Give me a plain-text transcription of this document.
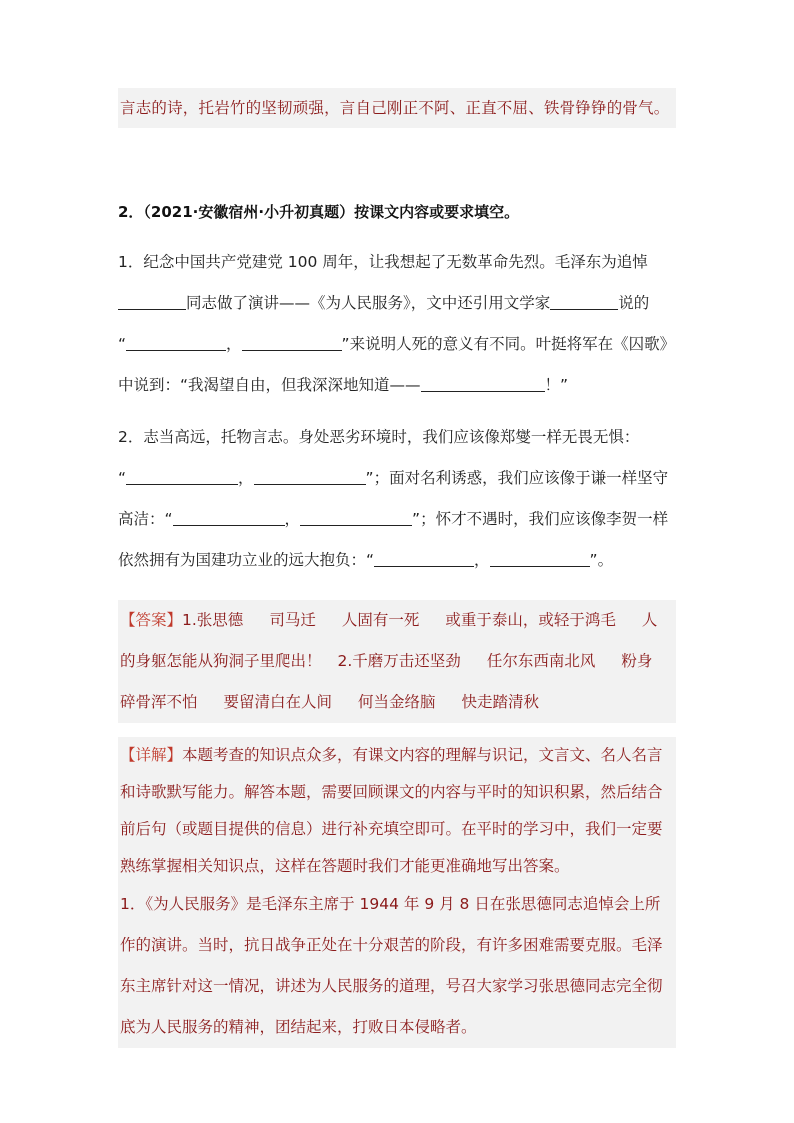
言志的诗，托岩竹的坚韧顽强，言自己刚正不阿、正直不屈、铁骨铮铮的骨气。
2．（2021·安徽宿州·小升初真题）按课文内容或要求填空。
1．纪念中国共产党建党 100 周年，让我想起了无数革命先烈。毛泽东为追悼
同志做了演讲——《为人民服务》，文中还引用文学家	说的
“	，	”来说明人死的意义有不同。叶挺将军在《囚歌》
中说到：“我渴望自由，但我深深地知道——	！”
2．志当高远，托物言志。身处恶劣环境时，我们应该像郑燮一样无畏无惧：
“	，	”；面对名利诱惑，我们应该像于谦一样坚守
高洁：“	，	”；怀才不遇时，我们应该像李贺一样
依然拥有为国建功立业的远大抱负：“	，	”。
【答案】1.张思德 司马迁 人固有一死 或重于泰山，或轻于鸿毛 人
的身躯怎能从狗洞子里爬出！ 2.千磨万击还坚劲 任尔东西南北风 粉身
碎骨浑不怕 要留清白在人间 何当金络脑 快走踏清秋
【详解】本题考查的知识点众多，有课文内容的理解与识记，文言文、名人名言和诗歌默写能力。解答本题，需要回顾课文的内容与平时的知识积累，然后结合前后句（或题目提供的信息）进行补充填空即可。在平时的学习中，我们一定要熟练掌握相关知识点，这样在答题时我们才能更准确地写出答案。
1．《为人民服务》是毛泽东主席于 1944 年 9 月 8 日在张思德同志追悼会上所作的演讲。当时，抗日战争正处在十分艰苦的阶段，有许多困难需要克服。毛泽东主席针对这一情况，讲述为人民服务的道理，号召大家学习张思德同志完全彻底为人民服务的精神，团结起来，打败日本侵略者。
